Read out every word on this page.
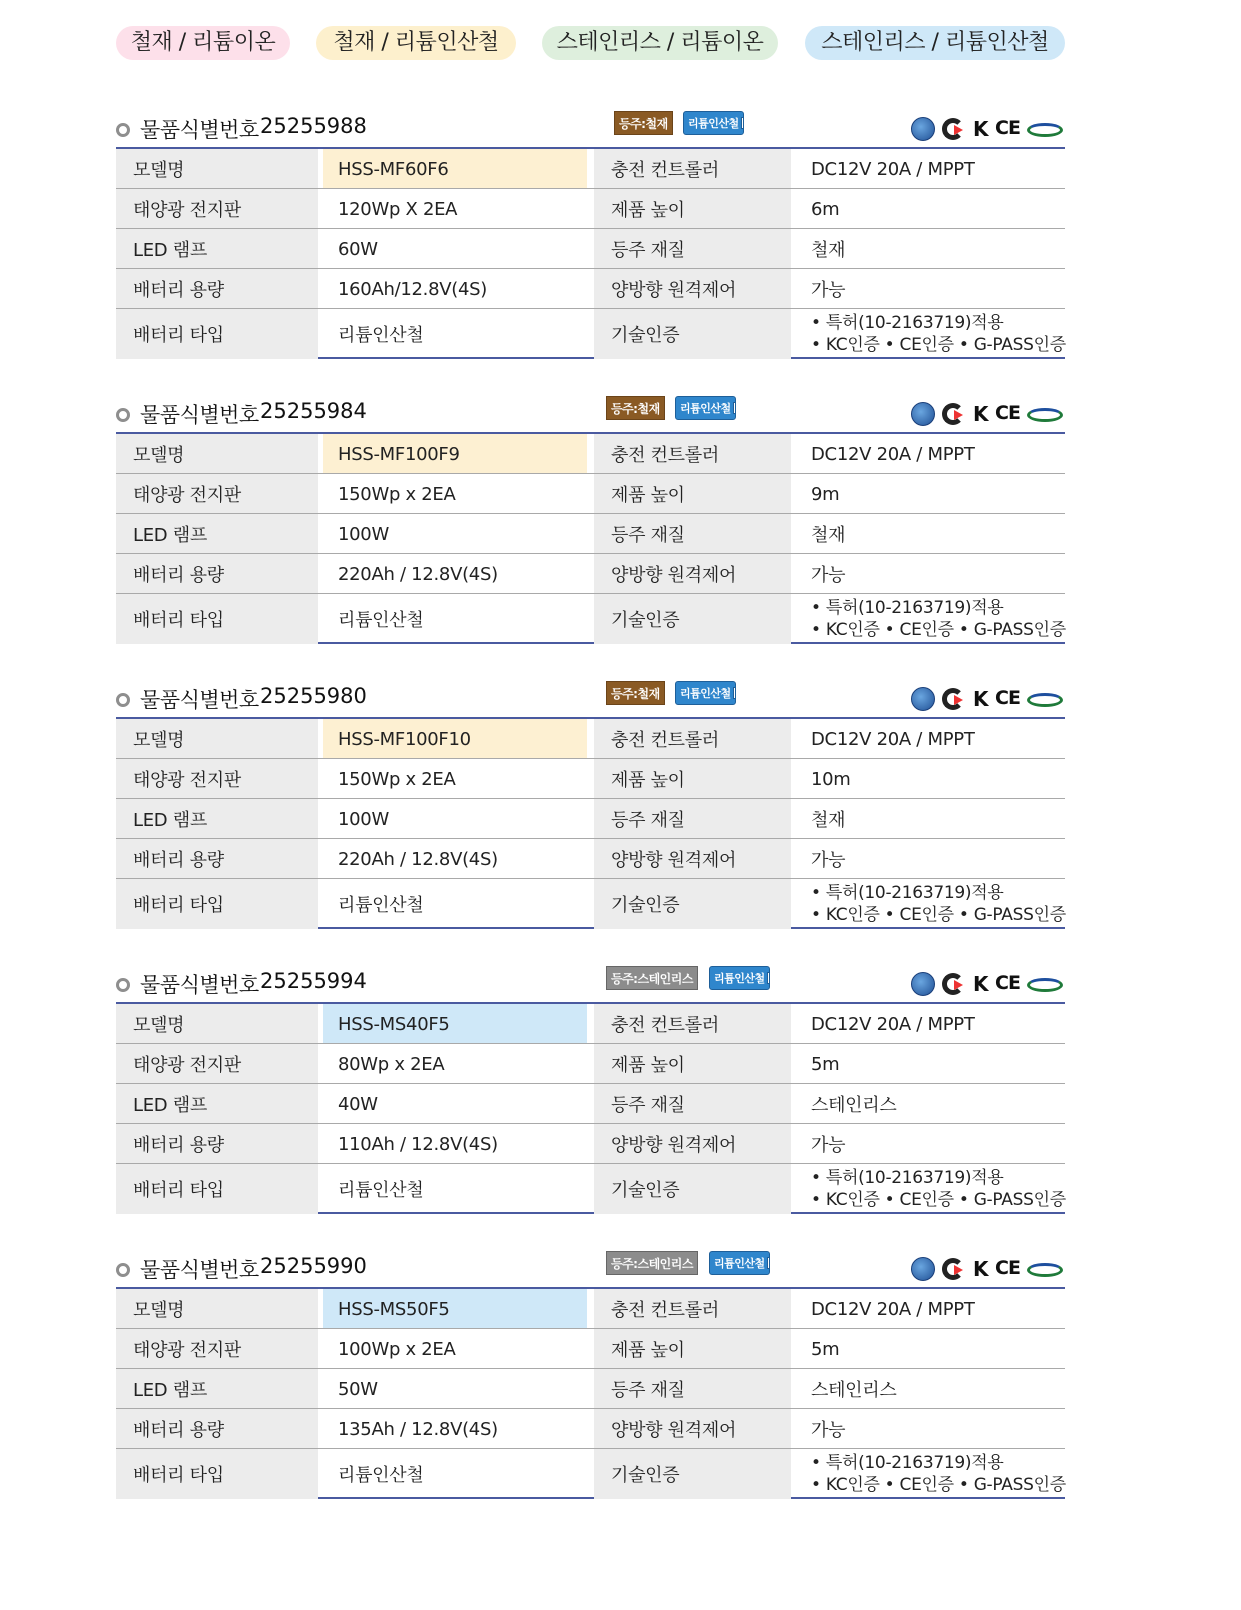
철재 / 리튬이온	철재 / 리튬인산철	스테인리스 / 리튬이온	스테인리스 / 리튬인산철
물품식별번호 25255988	등주:철재	리튬인산철	K CE
모델명	HSS-MF60F6	충전 컨트롤러	DC12V 20A / MPPT
태양광 전지판	120Wp X 2EA	제품 높이	6m
LED 램프	60W	등주 재질	철재
배터리 용량	160Ah/12.8V(4S)	양방향 원격제어	가능
배터리 타입	리튬인산철	기술인증
• 특허(10-2163719)적용
• KC인증 • CE인증 • G-PASS인증
물품식별번호 25255984	등주:철재	리튬인산철	K CE
모델명	HSS-MF100F9	충전 컨트롤러	DC12V 20A / MPPT
태양광 전지판	150Wp x 2EA	제품 높이	9m
LED 램프	100W	등주 재질	철재
배터리 용량	220Ah / 12.8V(4S)	양방향 원격제어	가능
배터리 타입	리튬인산철	기술인증
• 특허(10-2163719)적용
• KC인증 • CE인증 • G-PASS인증
물품식별번호 25255980	등주:철재	리튬인산철	K CE
모델명	HSS-MF100F10	충전 컨트롤러	DC12V 20A / MPPT
태양광 전지판	150Wp x 2EA	제품 높이	10m
LED 램프	100W	등주 재질	철재
배터리 용량	220Ah / 12.8V(4S)	양방향 원격제어	가능
배터리 타입	리튬인산철	기술인증
• 특허(10-2163719)적용
• KC인증 • CE인증 • G-PASS인증
물품식별번호 25255994	등주:스테인리스	리튬인산철	K CE
모델명	HSS-MS40F5	충전 컨트롤러	DC12V 20A / MPPT
태양광 전지판	80Wp x 2EA	제품 높이	5m
LED 램프	40W	등주 재질	스테인리스
배터리 용량	110Ah / 12.8V(4S)	양방향 원격제어	가능
배터리 타입	리튬인산철	기술인증
• 특허(10-2163719)적용
• KC인증 • CE인증 • G-PASS인증
물품식별번호 25255990	등주:스테인리스	리튬인산철	K CE
모델명	HSS-MS50F5	충전 컨트롤러	DC12V 20A / MPPT
태양광 전지판	100Wp x 2EA	제품 높이	5m
LED 램프	50W	등주 재질	스테인리스
배터리 용량	135Ah / 12.8V(4S)	양방향 원격제어	가능
배터리 타입	리튬인산철	기술인증
• 특허(10-2163719)적용
• KC인증 • CE인증 • G-PASS인증
